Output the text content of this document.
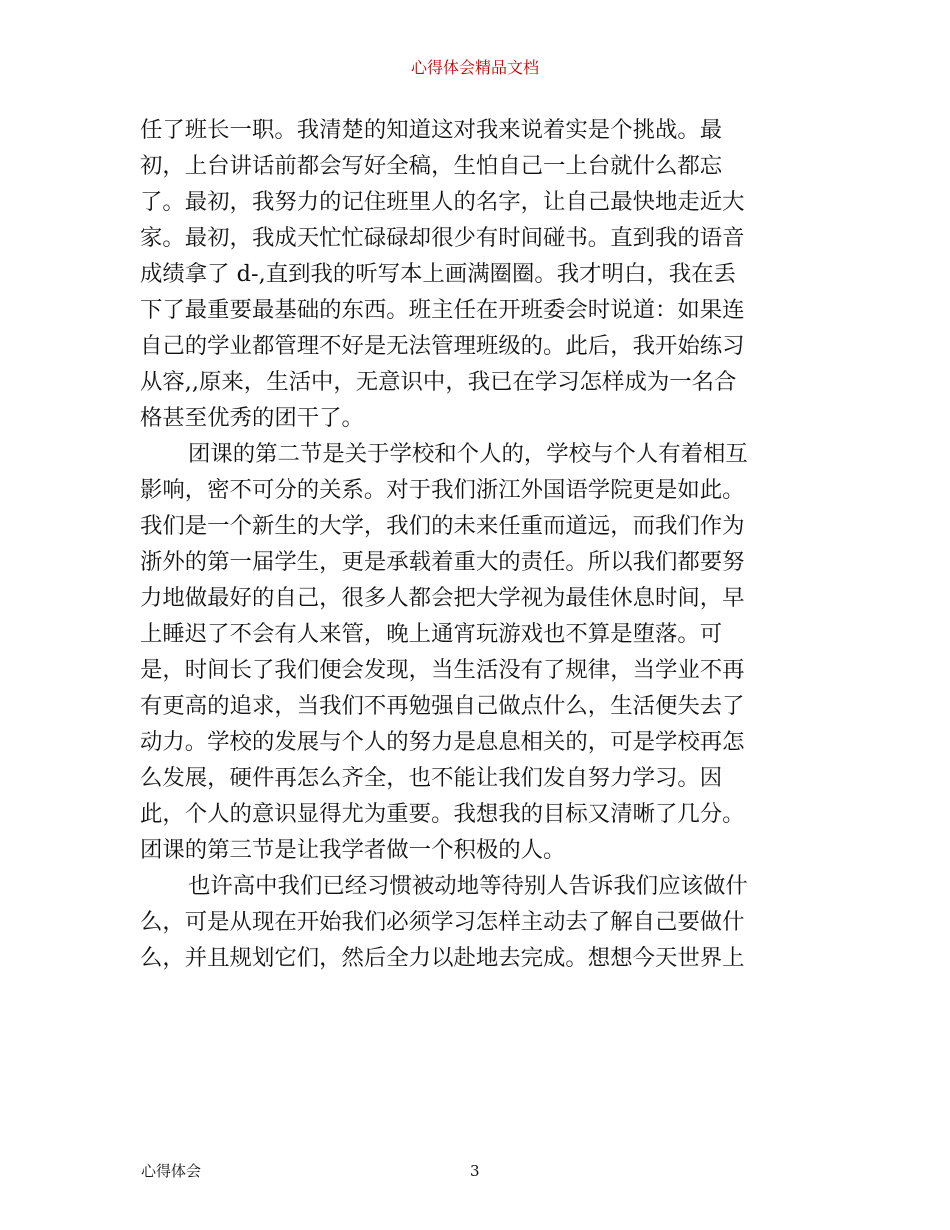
心得体会精品文档
任了班长一职。我清楚的知道这对我来说着实是个挑战。最
初，上台讲话前都会写好全稿，生怕自己一上台就什么都忘
了。最初，我努力的记住班里人的名字，让自己最快地走近大
家。最初，我成天忙忙碌碌却很少有时间碰书。直到我的语音
成绩拿了 d-,直到我的听写本上画满圈圈。我才明白，我在丢
下了最重要最基础的东西。班主任在开班委会时说道：如果连
自己的学业都管理不好是无法管理班级的。此后，我开始练习
从容,,原来，生活中，无意识中，我已在学习怎样成为一名合
格甚至优秀的团干了。
团课的第二节是关于学校和个人的，学校与个人有着相互
影响，密不可分的关系。对于我们浙江外国语学院更是如此。
我们是一个新生的大学，我们的未来任重而道远，而我们作为
浙外的第一届学生，更是承载着重大的责任。所以我们都要努
力地做最好的自己，很多人都会把大学视为最佳休息时间，早
上睡迟了不会有人来管，晚上通宵玩游戏也不算是堕落。可
是，时间长了我们便会发现，当生活没有了规律，当学业不再
有更高的追求，当我们不再勉强自己做点什么，生活便失去了
动力。学校的发展与个人的努力是息息相关的，可是学校再怎
么发展，硬件再怎么齐全，也不能让我们发自努力学习。因
此，个人的意识显得尤为重要。我想我的目标又清晰了几分。
团课的第三节是让我学者做一个积极的人。
也许高中我们已经习惯被动地等待别人告诉我们应该做什
么，可是从现在开始我们必须学习怎样主动去了解自己要做什
么，并且规划它们，然后全力以赴地去完成。想想今天世界上
心得体会	3
